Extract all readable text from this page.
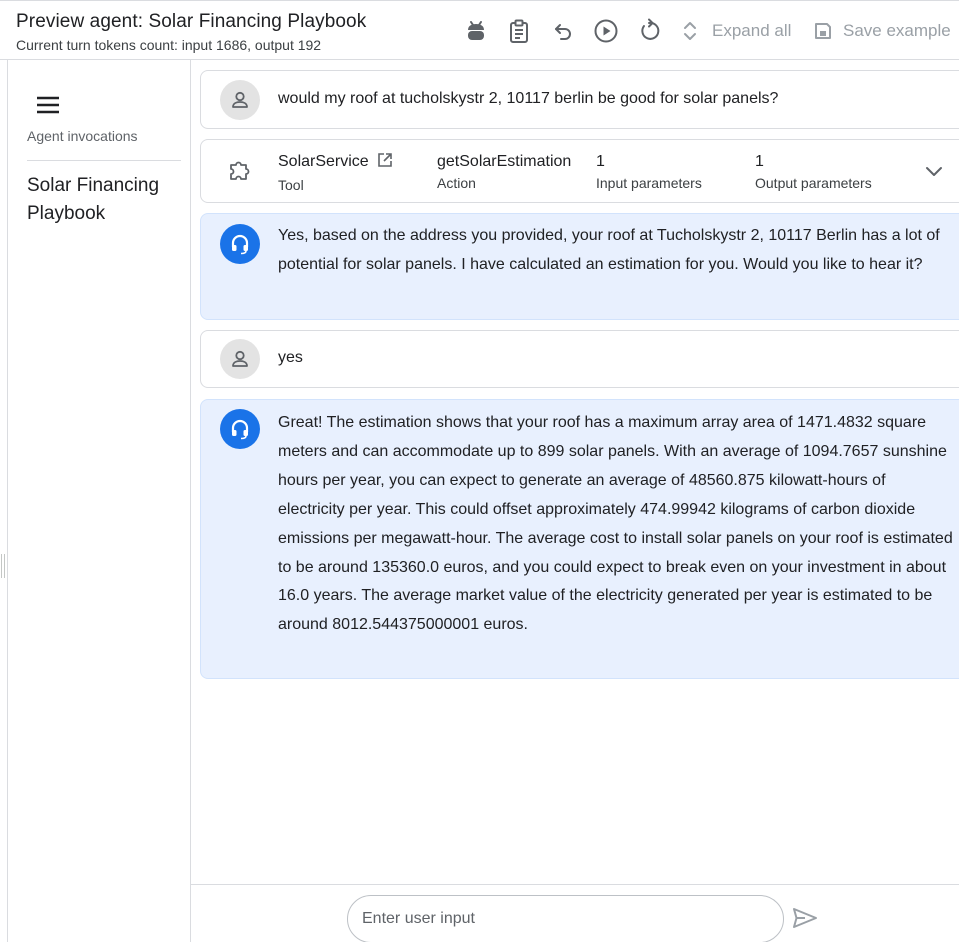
Preview agent: Solar Financing Playbook
Current turn tokens count: input 1686, output 192
Expand all	Save example
Agent invocations
Solar Financing Playbook
would my roof at tucholskystr 2, 10117 berlin be good for solar panels?
SolarService
Tool
getSolarEstimation
Action
1
Input parameters
1
Output parameters
Yes, based on the address you provided, your roof at Tucholskystr 2, 10117 Berlin has a lot of potential for solar panels. I have calculated an estimation for you. Would you like to hear it?
yes
Great! The estimation shows that your roof has a maximum array area of 1471.4832 square meters and can accommodate up to 899 solar panels. With an average of 1094.7657 sunshine hours per year, you can expect to generate an average of 48560.875 kilowatt-hours of electricity per year. This could offset approximately 474.99942 kilograms of carbon dioxide emissions per megawatt-hour. The average cost to install solar panels on your roof is estimated to be around 135360.0 euros, and you could expect to break even on your investment in about 16.0 years. The average market value of the electricity generated per year is estimated to be around 8012.544375000001 euros.
Enter user input
